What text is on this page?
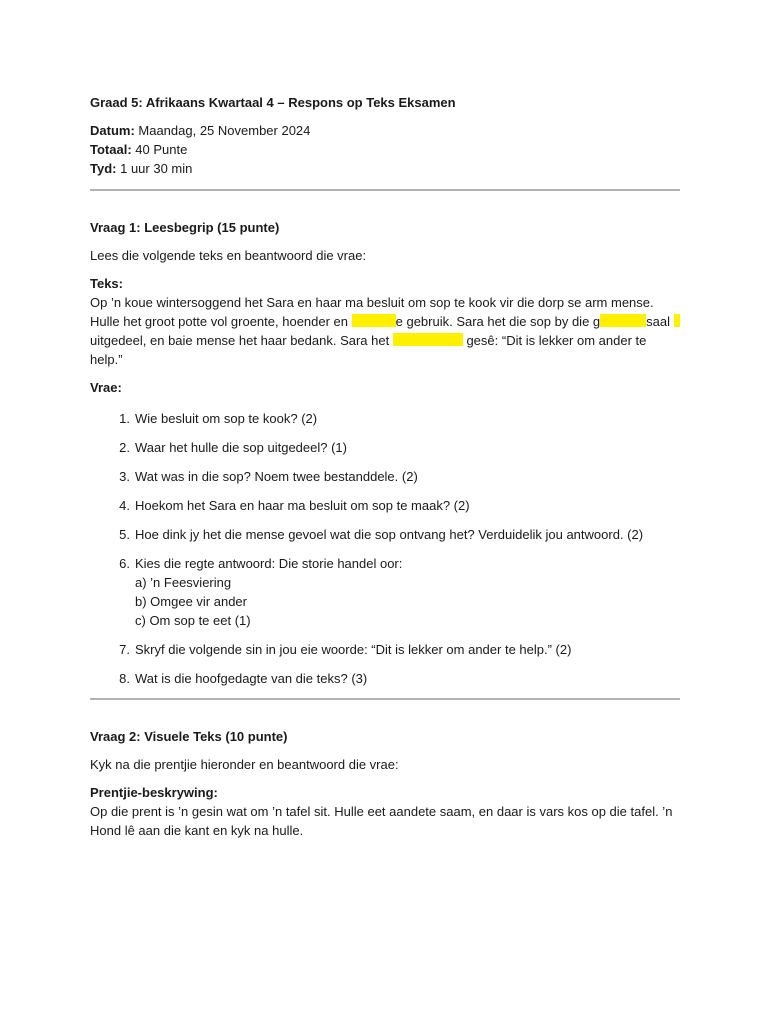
Graad 5: Afrikaans Kwartaal 4 – Respons op Teks Eksamen

Datum: Maandag, 25 November 2024

Totaal: 40 Punte

Tyd: 1 uur 30 min

Vraag 1: Leesbegrip (15 punte)

Lees die volgende teks en beantwoord die vrae:

Teks:

Op ’n koue wintersoggend het Sara en haar ma besluit om sop te kook vir die dorp se arm mense. Hulle het groot potte vol groente, hoender en	e gebruik. Sara het die sop by die g	saal  uitgedeel, en baie mense het haar bedank. Sara het	gesê: “Dit is lekker om ander te help.”

Vrae:

1. Wie besluit om sop te kook? (2)
2. Waar het hulle die sop uitgedeel? (1)
3. Wat was in die sop? Noem twee bestanddele. (2)
4. Hoekom het Sara en haar ma besluit om sop te maak? (2)
5. Hoe dink jy het die mense gevoel wat die sop ontvang het? Verduidelik jou antwoord. (2)
6. Kies die regte antwoord: Die storie handel oor:
a) ’n Feesviering
b) Omgee vir ander
c) Om sop te eet (1)
7. Skryf die volgende sin in jou eie woorde: “Dit is lekker om ander te help.” (2)
8. Wat is die hoofgedagte van die teks? (3)

Vraag 2: Visuele Teks (10 punte)

Kyk na die prentjie hieronder en beantwoord die vrae:

Prentjie-beskrywing:

Op die prent is ’n gesin wat om ’n tafel sit. Hulle eet aandete saam, en daar is vars kos op die tafel. ’n Hond lê aan die kant en kyk na hulle.
